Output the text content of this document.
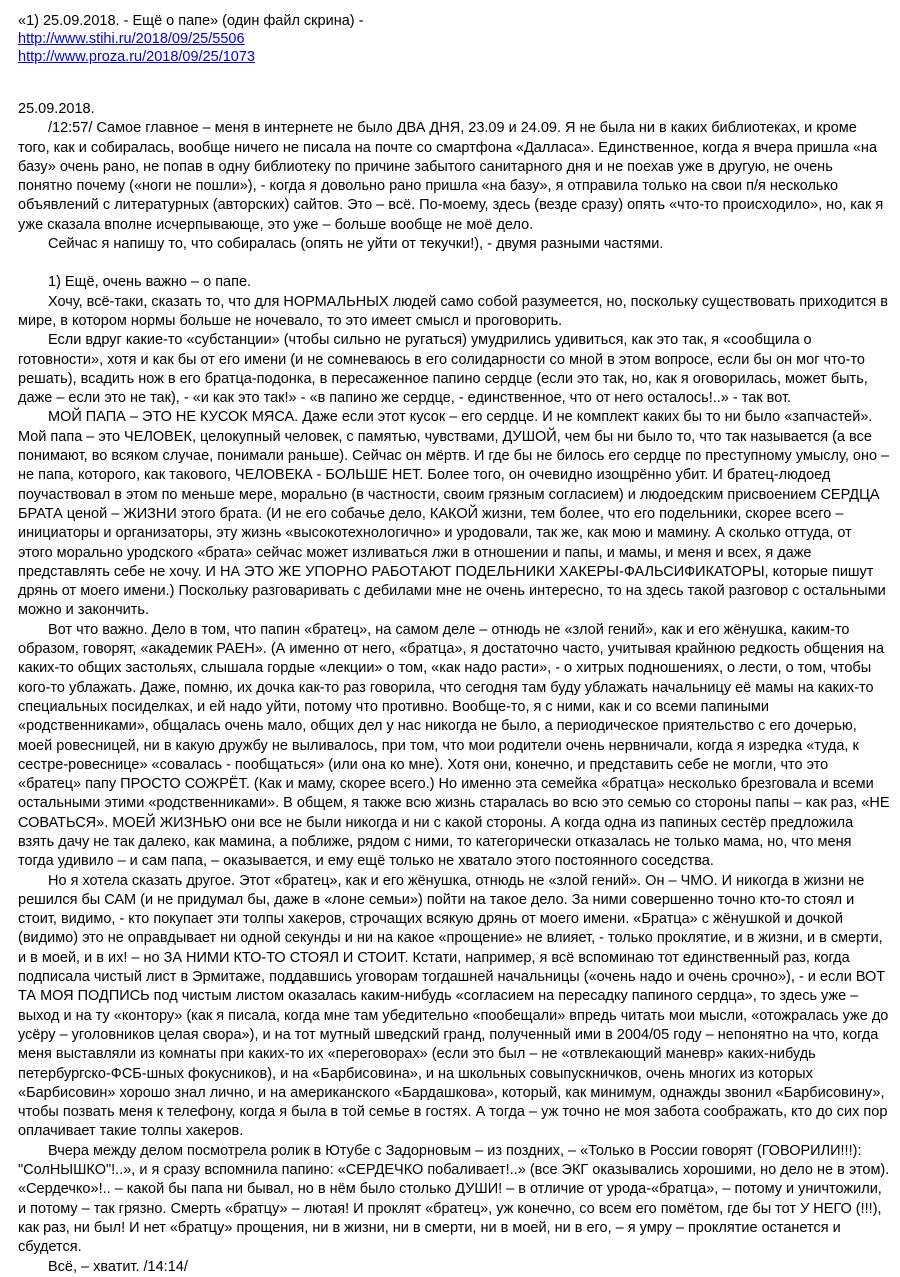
«1) 25.09.2018. - Ещё о папе» (один файл скрина) -

http://www.stihi.ru/2018/09/25/5506
http://www.proza.ru/2018/09/25/1073

25.09.2018.

/12:57/ Самое главное – меня в интернете не было ДВА ДНЯ, 23.09 и 24.09. Я не была ни в каких библиотеках, и кроме того, как и собиралась, вообще ничего не писала на почте со смартфона «Далласа». Единственное, когда я вчера пришла «на базу» очень рано, не попав в одну библиотеку по причине забытого санитарного дня и не поехав уже в другую, не очень понятно почему («ноги не пошли»), - когда я довольно рано пришла «на базу», я отправила только на свои п/я несколько объявлений с литературных (авторских) сайтов. Это – всё. По-моему, здесь (везде сразу) опять «что-то происходило», но, как я уже сказала вполне исчерпывающе, это уже – больше вообще не моё дело.

Сейчас я напишу то, что собиралась (опять не уйти от текучки!), - двумя разными частями.

1) Ещё, очень важно – о папе.

Хочу, всё-таки, сказать то, что для НОРМАЛЬНЫХ людей само собой разумеется, но, поскольку существовать приходится в мире, в котором нормы больше не ночевало, то это имеет смысл и проговорить.

Если вдруг какие-то «субстанции» (чтобы сильно не ругаться) умудрились удивиться, как это так, я «сообщила о готовности», хотя и как бы от его имени (и не сомневаюсь в его солидарности со мной в этом вопросе, если бы он мог что-то решать), всадить нож в его братца-подонка, в пересаженное папино сердце (если это так, но, как я оговорилась, может быть, даже – если это не так), - «и как это так!» - «в папино же сердце, - единственное, что от него осталось!..» - так вот.

МОЙ ПАПА – ЭТО НЕ КУСОК МЯСА. Даже если этот кусок – его сердце. И не комплект каких бы то ни было «запчастей». Мой папа – это ЧЕЛОВЕК, целокупный человек, с памятью, чувствами, ДУШОЙ, чем бы ни было то, что так называется (а все понимают, во всяком случае, понимали раньше). Сейчас он мёртв. И где бы не билось его сердце по преступному умыслу, оно – не папа, которого, как такового, ЧЕЛОВЕКА - БОЛЬШЕ НЕТ. Более того, он очевидно изощрённо убит. И братец-людоед поучаствовал в этом по меньше мере, морально (в частности, своим грязным согласием) и людоедским присвоением СЕРДЦА БРАТА ценой – ЖИЗНИ этого брата. (И не его собачье дело, КАКОЙ жизни, тем более, что его подельники, скорее всего – инициаторы и организаторы, эту жизнь «высокотехнологично» и уродовали, так же, как мою и мамину. А сколько оттуда, от этого морально уродского «брата» сейчас может изливаться лжи в отношении и папы, и мамы, и меня и всех, я даже представлять себе не хочу. И НА ЭТО ЖЕ УПОРНО РАБОТАЮТ ПОДЕЛЬНИКИ ХАКЕРЫ-ФАЛЬСИФИКАТОРЫ, которые пишут дрянь от моего имени.) Поскольку разговаривать с дебилами мне не очень интересно, то на здесь такой разговор с остальными можно и закончить.

Вот что важно. Дело в том, что папин «братец», на самом деле – отнюдь не «злой гений», как и его жёнушка, каким-то образом, говорят, «академик РАЕН». (А именно от него, «братца», я достаточно часто, учитывая крайнюю редкость общения на каких-то общих застольях, слышала гордые «лекции» о том, «как надо расти», - о хитрых подношениях, о лести, о том, чтобы кого-то ублажать. Даже, помню, их дочка как-то раз говорила, что сегодня там буду ублажать начальницу её мамы на каких-то специальных посиделках, и ей надо уйти, потому что противно. Вообще-то, я с ними, как и со всеми папиными «родственниками», общалась очень мало, общих дел у нас никогда не было, а периодическое приятельство с его дочерью, моей ровесницей, ни в какую дружбу не выливалось, при том, что мои родители очень нервничали, когда я изредка «туда, к сестре-ровеснице» «совалась - пообщаться» (или она ко мне). Хотя они, конечно, и представить себе не могли, что это «братец» папу ПРОСТО СОЖРЁТ. (Как и маму, скорее всего.) Но именно эта семейка «братца» несколько брезговала и всеми остальными этими «родственниками». В общем, я также всю жизнь старалась во всю это семью со стороны папы – как раз, «НЕ СОВАТЬСЯ». МОЕЙ ЖИЗНЬЮ они все не были никогда и ни с какой стороны. А когда одна из папиных сестёр предложила взять дачу не так далеко, как мамина, а поближе, рядом с ними, то категорически отказалась не только мама, но, что меня тогда удивило – и сам папа, – оказывается, и ему ещё только не хватало этого постоянного соседства.

Но я хотела сказать другое. Этот «братец», как и его жёнушка, отнюдь не «злой гений». Он – ЧМО. И никогда в жизни не решился бы САМ (и не придумал бы, даже в «лоне семьи») пойти на такое дело. За ними совершенно точно кто-то стоял и стоит, видимо, - кто покупает эти толпы хакеров, строчащих всякую дрянь от моего имени. «Братца» с жёнушкой и дочкой (видимо) это не оправдывает ни одной секунды и ни на какое «прощение» не влияет, - только проклятие, и в жизни, и в смерти, и в моей, и в их! – но ЗА НИМИ КТО-ТО СТОЯЛ И СТОИТ. Кстати, например, я всё вспоминаю тот единственный раз, когда подписала чистый лист в Эрмитаже, поддавшись уговорам тогдашней начальницы («очень надо и очень срочно»), - и если ВОТ ТА МОЯ ПОДПИСЬ под чистым листом оказалась каким-нибудь «согласием на пересадку папиного сердца», то здесь уже – выход и на ту «контору» (как я писала, когда мне там убедительно «пообещали» впредь читать мои мысли, «отожралась уже до усёру – уголовников целая свора»), и на тот мутный шведский гранд, полученный ими в 2004/05 году – непонятно на что, когда меня выставляли из комнаты при каких-то их «переговорах» (если это был – не «отвлекающий маневр» каких-нибудь петербургско-ФСБ-шных фокусников), и на «Барбисовина», и на школьных совыпускничков, очень многих из которых «Барбисовин» хорошо знал лично, и на американского «Бардашкова», который, как минимум, однажды звонил «Барбисовину», чтобы позвать меня к телефону, когда я была в той семье в гостях. А тогда – уж точно не моя забота соображать, кто до сих пор оплачивает такие толпы хакеров.

Вчера между делом посмотрела ролик в Ютубе с Задорновым – из поздних, – «Только в России говорят (ГОВОРИЛИ!!!): "СолНЫШКО"!..», и я сразу вспомнила папино: «СЕРДЕЧКО побаливает!..» (все ЭКГ оказывались хорошими, но дело не в этом). «Сердечко»!.. – какой бы папа ни бывал, но в нём было столько ДУШИ! – в отличие от урода-«братца», – потому и уничтожили, и потому – так грязно. Смерть «братцу» – лютая! И проклят «братец», уж конечно, со всем его помётом, где бы тот У НЕГО (!!!), как раз, ни был! И нет «братцу» прощения, ни в жизни, ни в смерти, ни в моей, ни в его, – я умру – проклятие останется и сбудется.

Всё, – хватит. /14:14/
